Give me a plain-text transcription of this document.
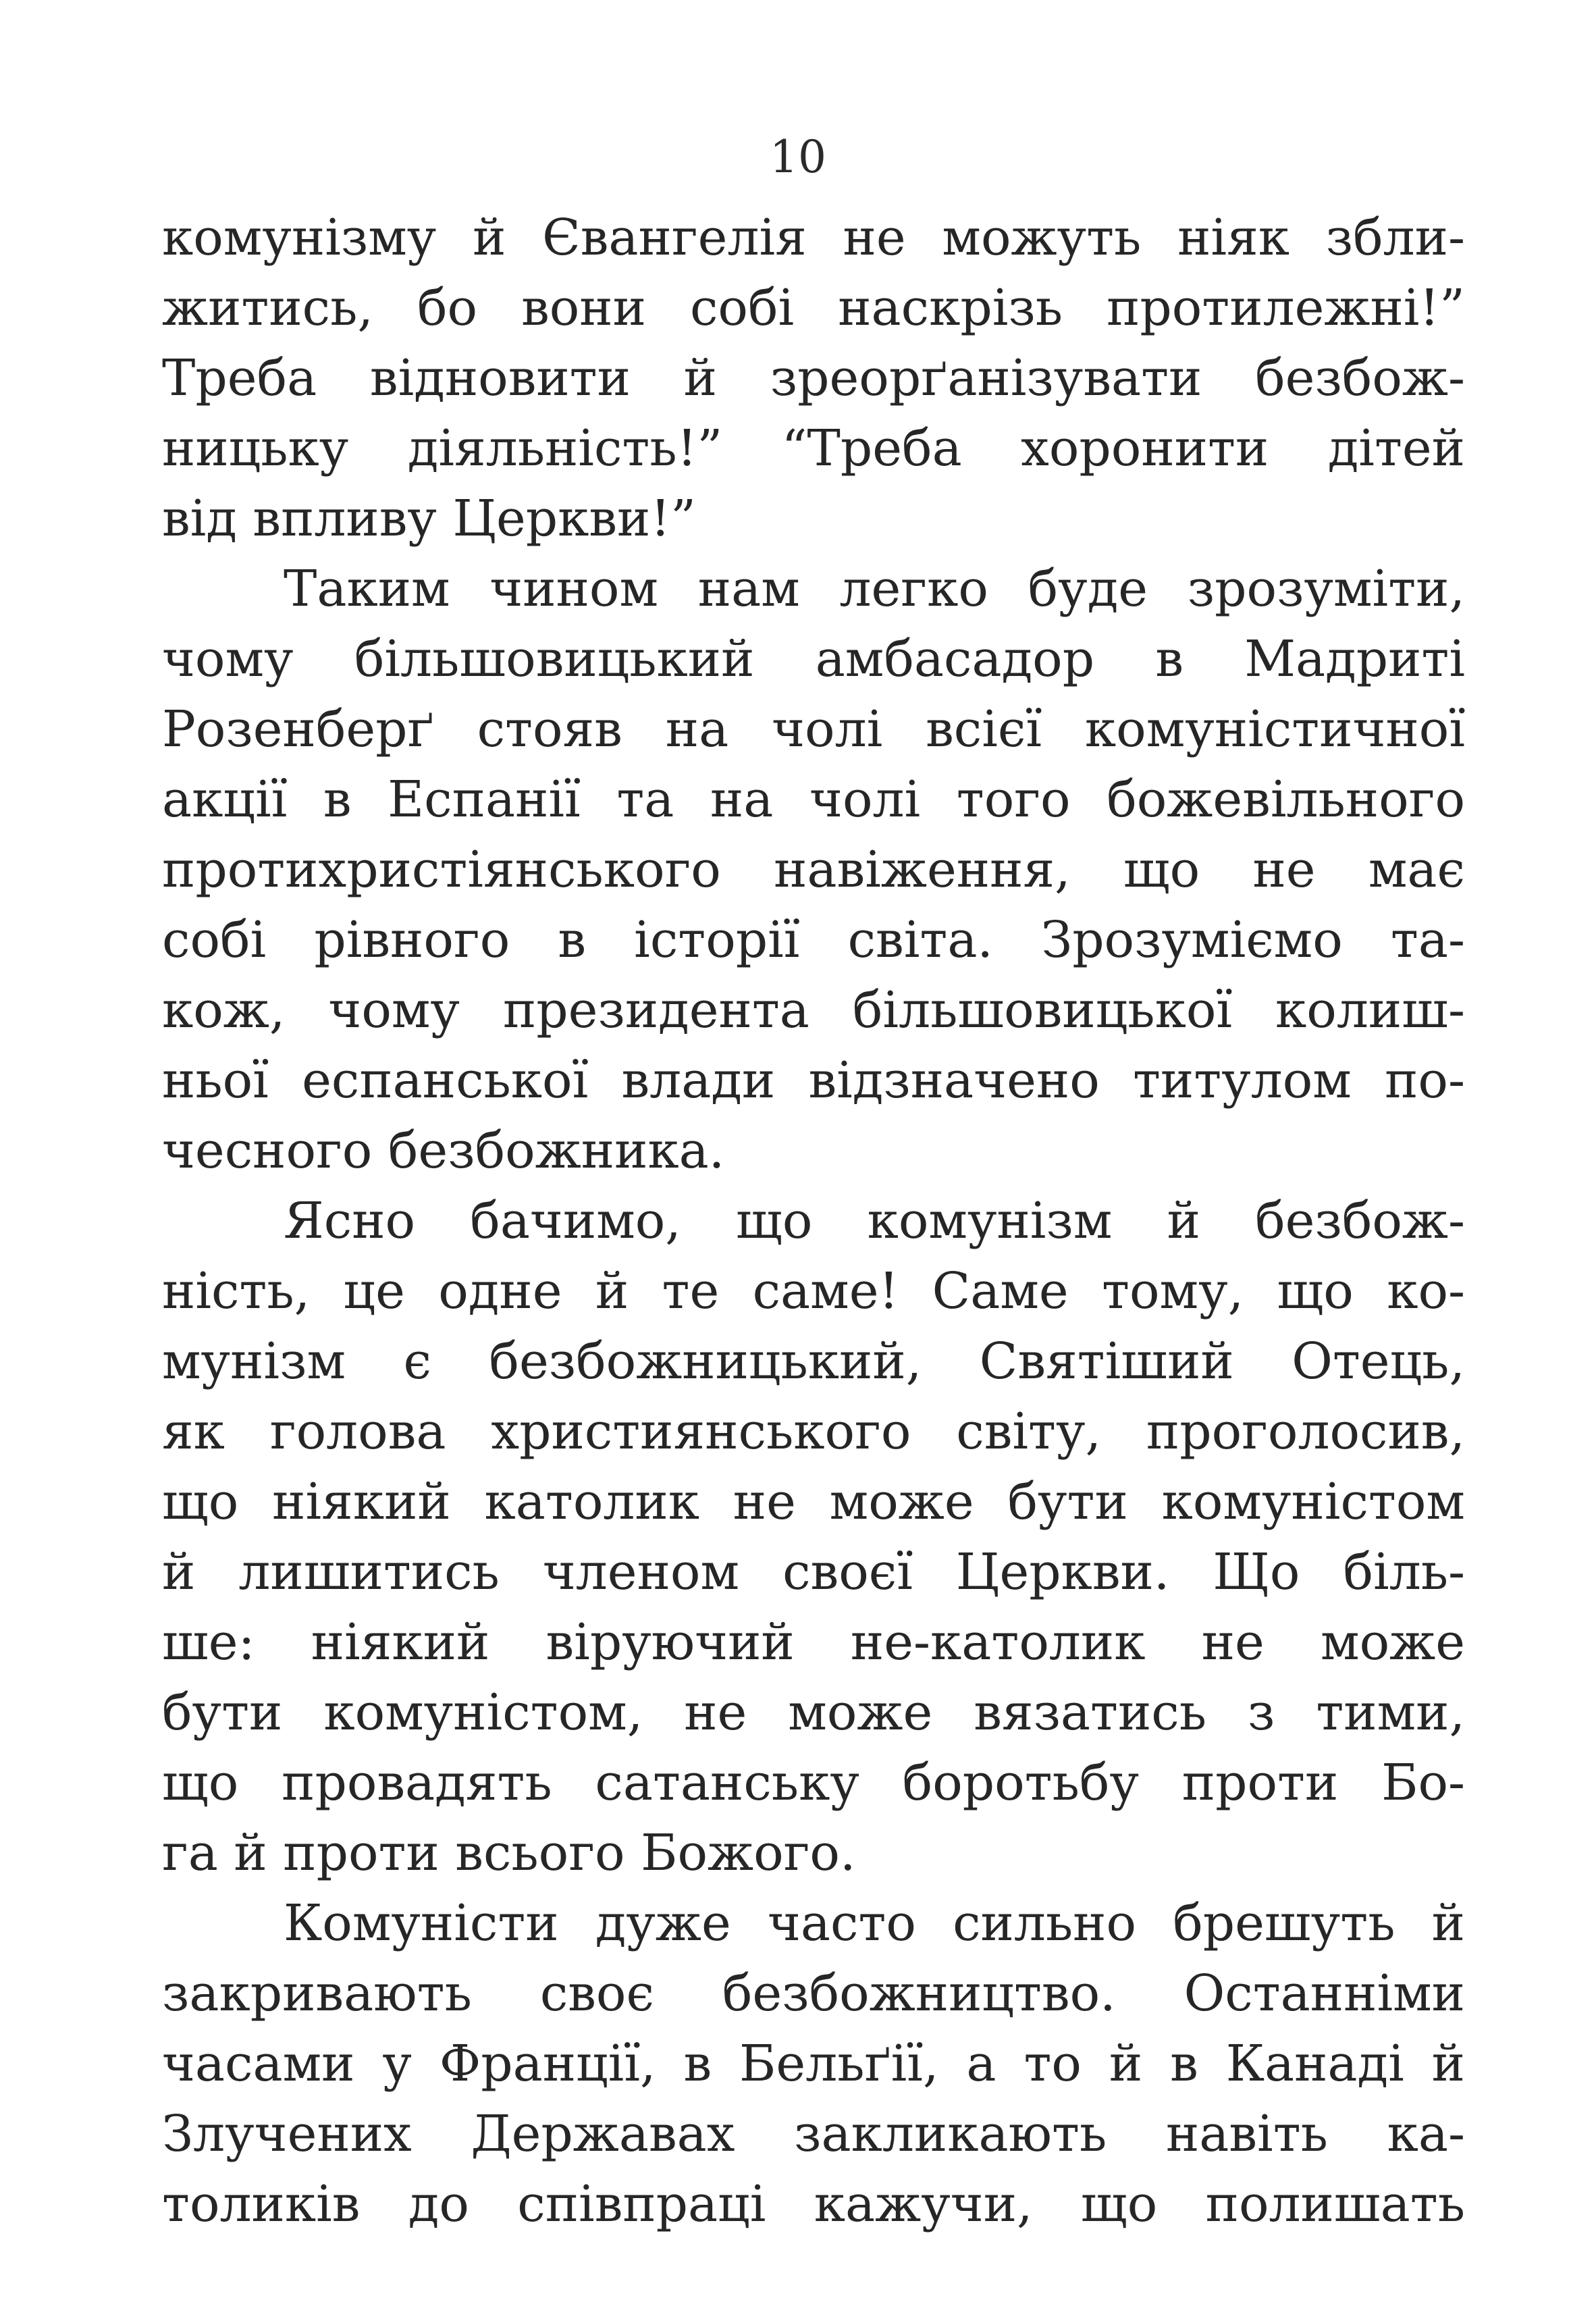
10
комунізму й Євангелія не можуть ніяк збли-
житись, бо вони собі наскрізь протилежні!”
Треба відновити й зреорґанізувати безбож-
ницьку діяльність!” “Треба хоронити дітей
від впливу Церкви!”
Таким чином нам легко буде зрозуміти,
чому більшовицький амбасадор в Мадриті
Розенберґ стояв на чолі всієї комуністичної
акції в Еспанії та на чолі того божевільного
протихристіянського навіження, що не має
собі рівного в історії світа. Зрозуміємо та-
кож, чому президента більшовицької колиш-
ньої еспанської влади відзначено титулом по-
чесного безбожника.
Ясно бачимо, що комунізм й безбож-
ність, це одне й те саме! Саме тому, що ко-
мунізм є безбожницький, Святіший Отець,
як голова християнського світу, проголосив,
що ніякий католик не може бути комуністом
й лишитись членом своєї Церкви. Що біль-
ше: ніякий віруючий не-католик не може
бути комуністом, не може вязатись з тими,
що провадять сатанську боротьбу проти Бо-
га й проти всього Божого.
Комуністи дуже часто сильно брешуть й
закривають своє безбожництво. Останніми
часами у Франції, в Бельґії, а то й в Канаді й
Злучених Державах закликають навіть ка-
толиків до співпраці кажучи, що полишать
